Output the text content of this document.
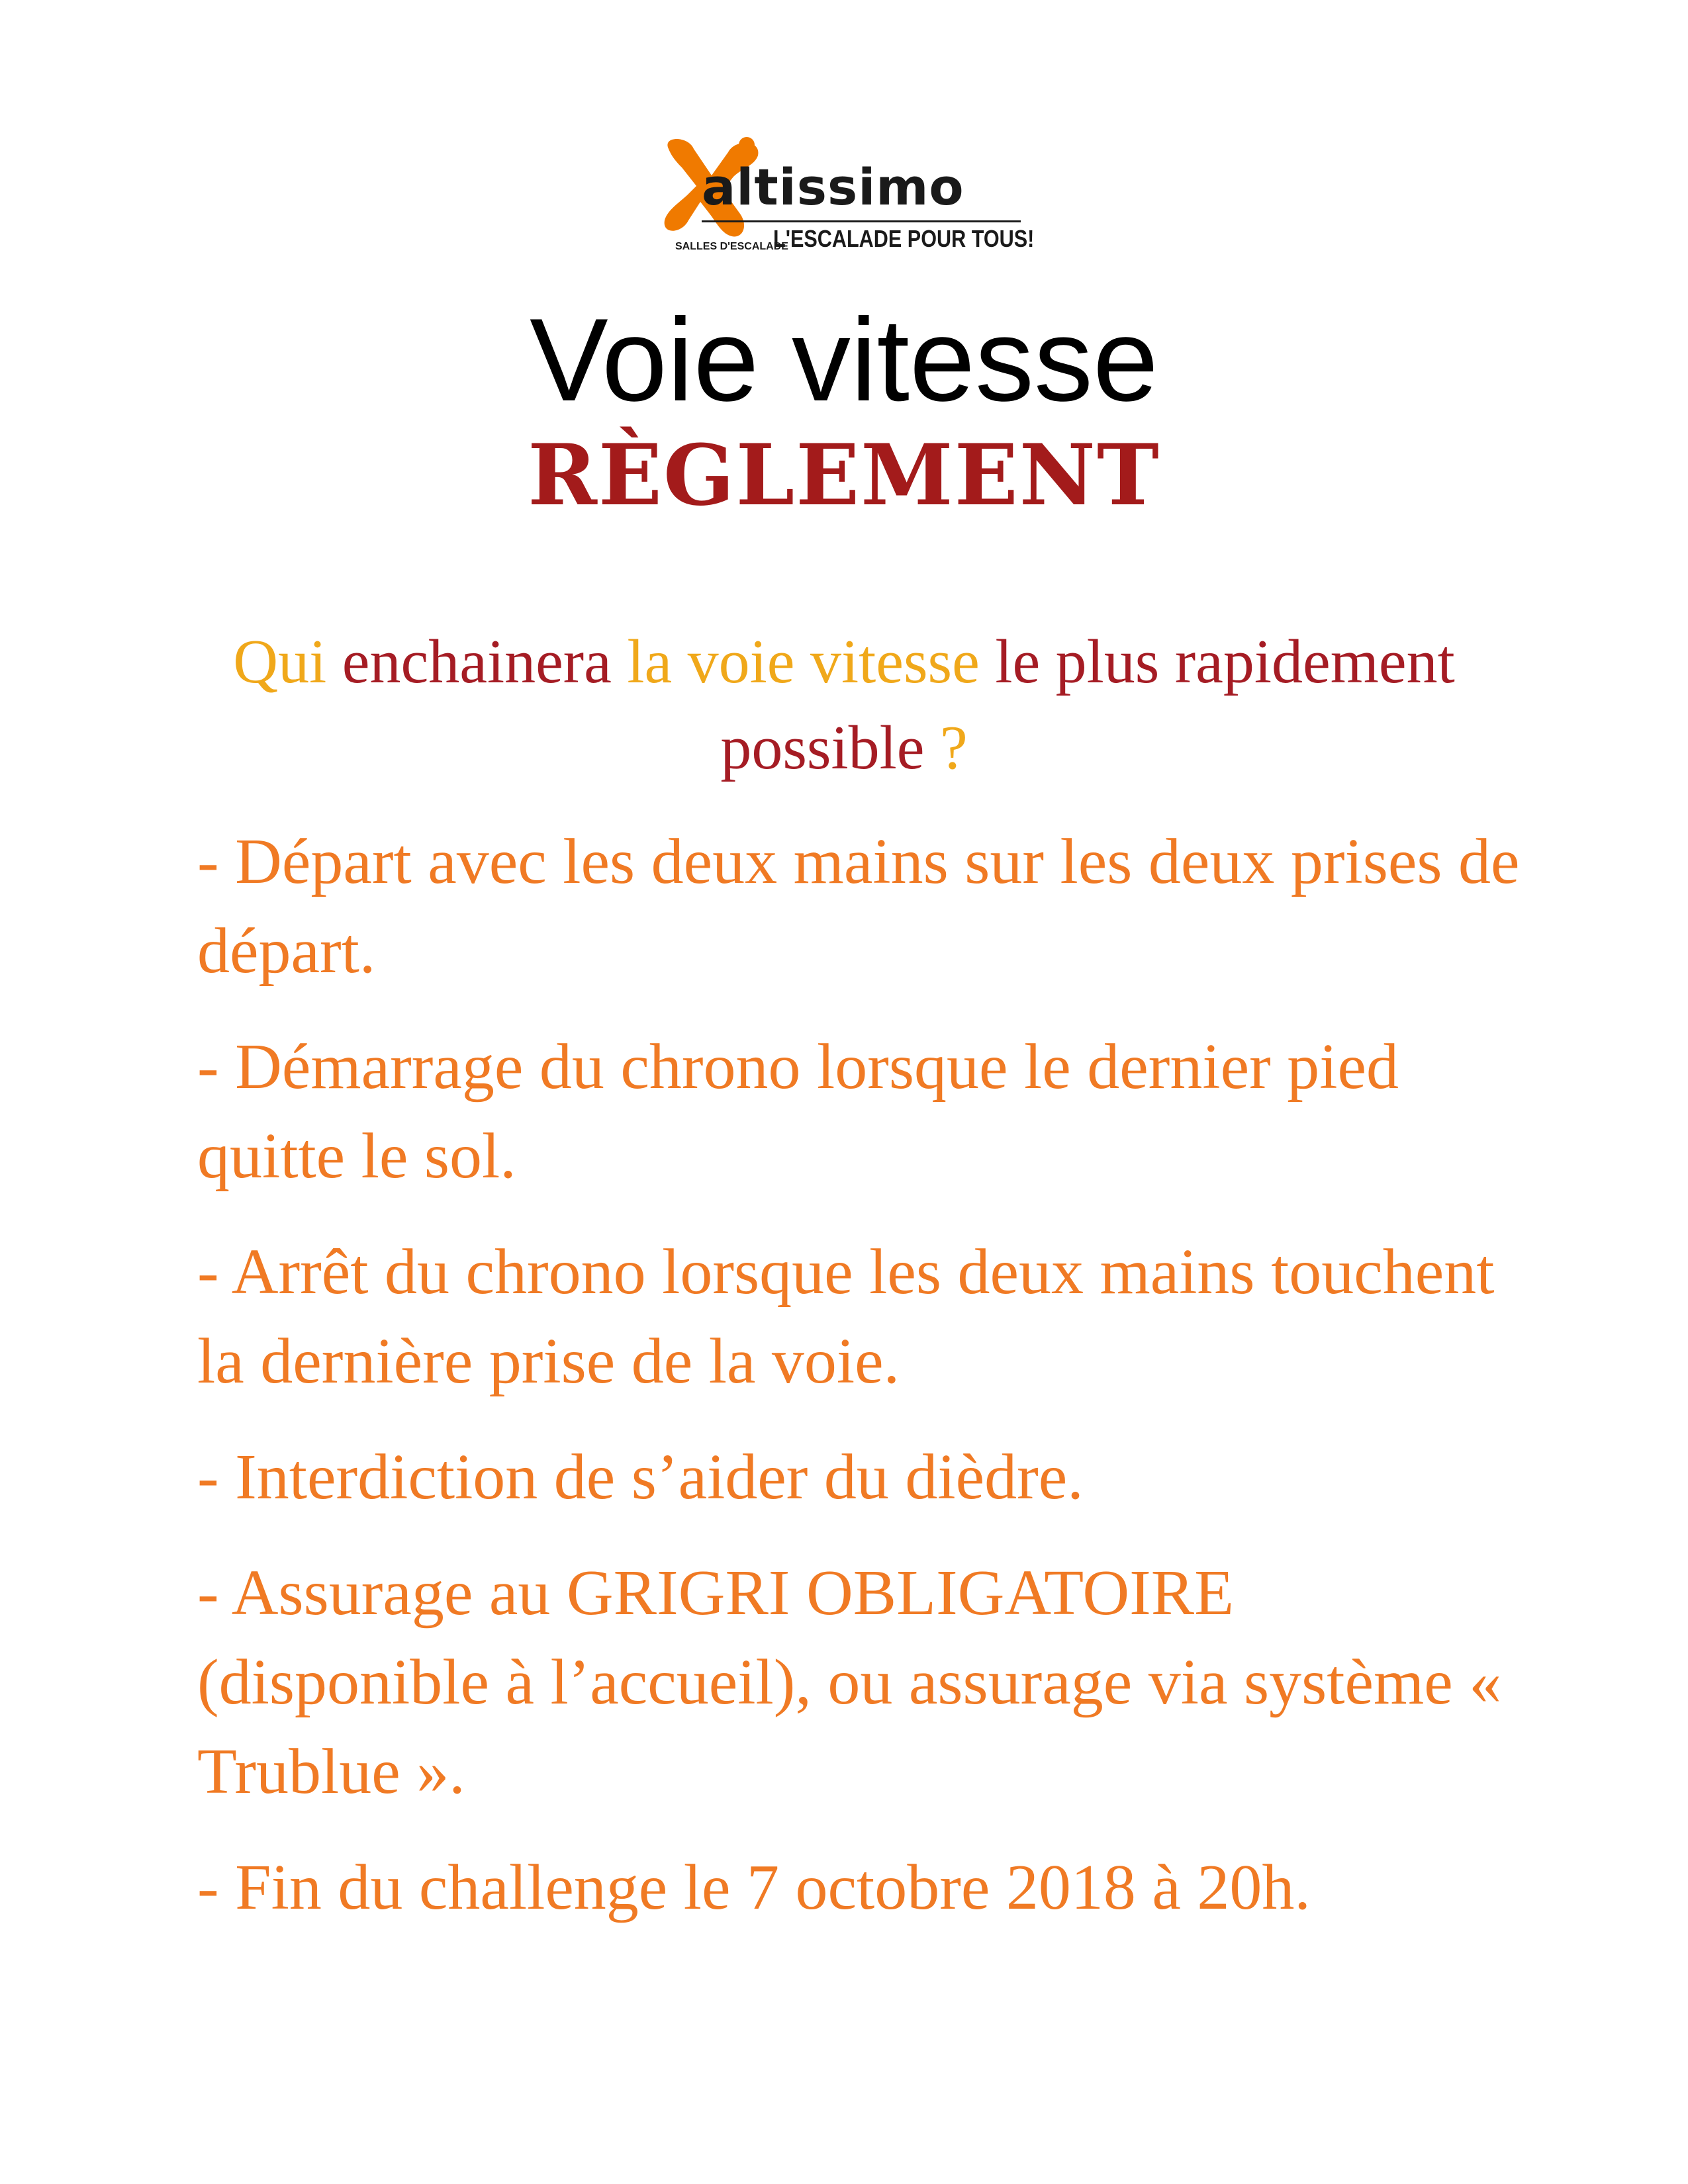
altissimo
SALLES D'ESCALADE
L'ESCALADE POUR TOUS!
Voie vitesse
RÈGLEMENT
Qui enchainera la voie vitesse le plus rapidement possible ?

- Départ avec les deux mains sur les deux prises de départ.

- Démarrage du chrono lorsque le dernier pied quitte le sol.

- Arrêt du chrono lorsque les deux mains touchent la dernière prise de la voie.

- Interdiction de s’aider du dièdre.

- Assurage au GRIGRI OBLIGATOIRE (disponible à l’accueil), ou assurage via système « Trublue ».

- Fin du challenge le 7 octobre 2018 à 20h.
